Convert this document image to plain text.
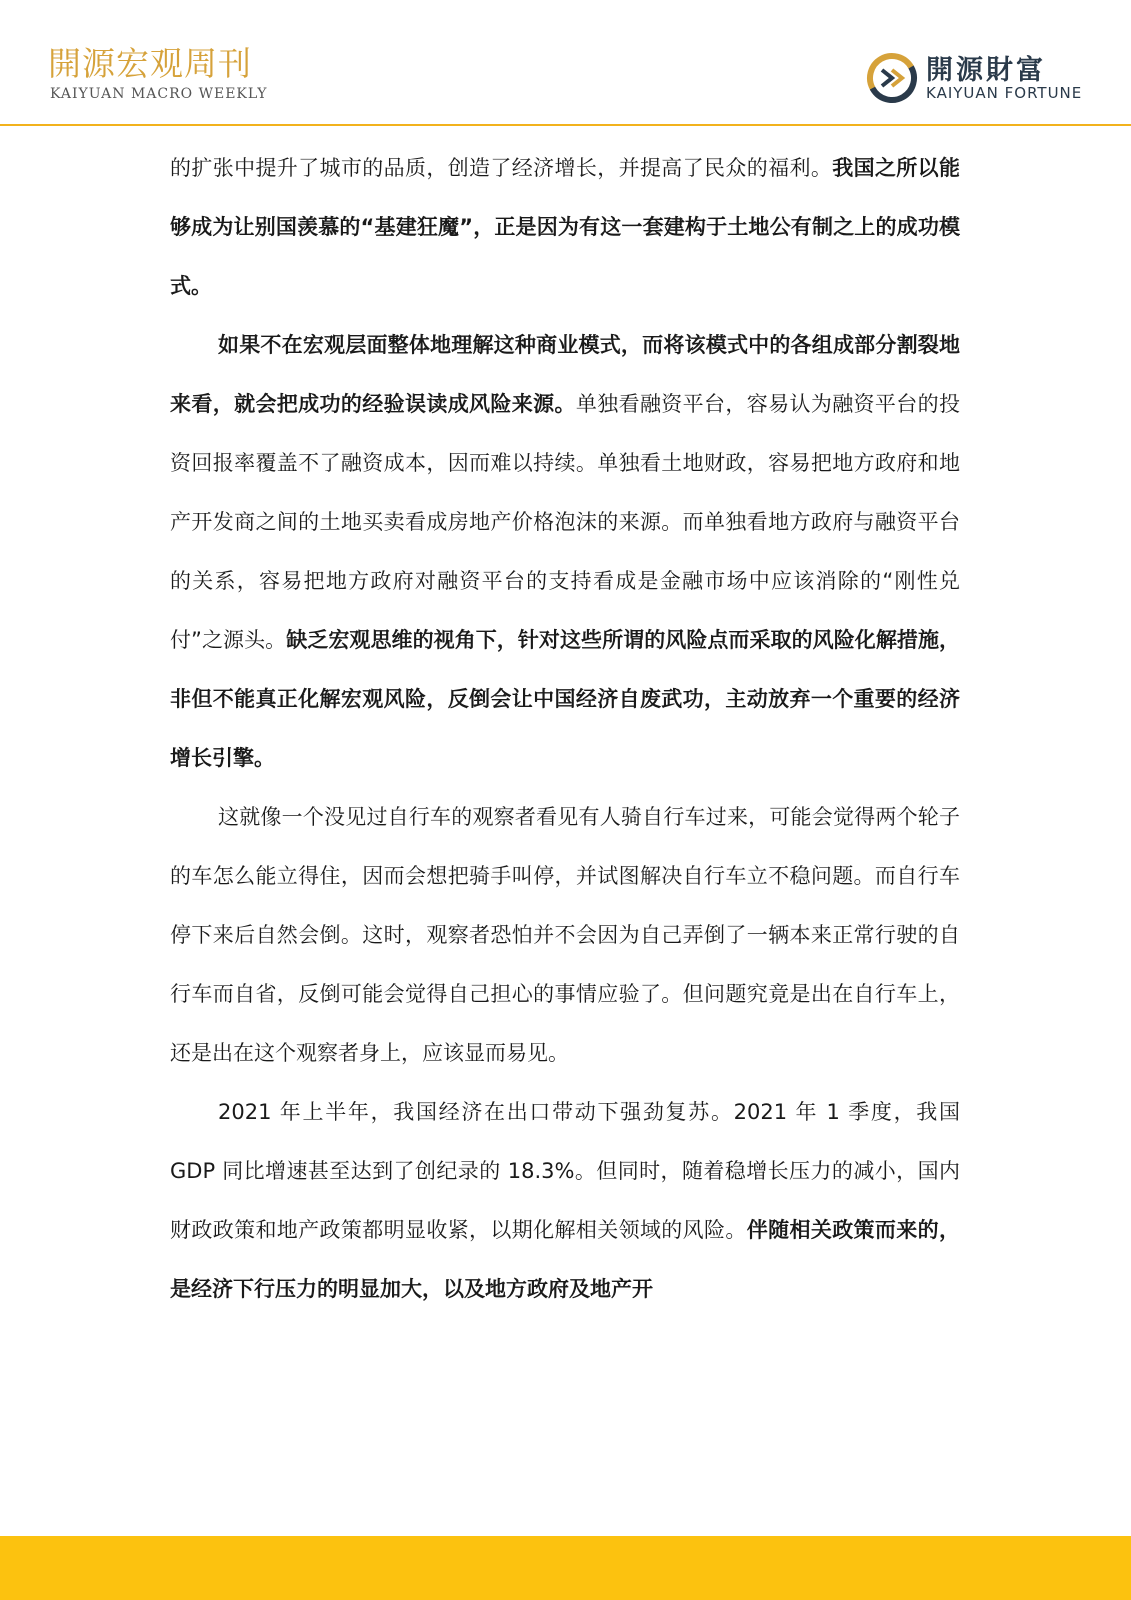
開源宏观周刊
KAIYUAN MACRO WEEKLY
開源財富
KAIYUAN FORTUNE

的扩张中提升了城市的品质，创造了经济增长，并提高了民众的福利。我国之所以能够成为让别国羡慕的“基建狂魔”，正是因为有这一套建构于土地公有制之上的成功模式。

如果不在宏观层面整体地理解这种商业模式，而将该模式中的各组成部分割裂地来看，就会把成功的经验误读成风险来源。单独看融资平台，容易认为融资平台的投资回报率覆盖不了融资成本，因而难以持续。单独看土地财政，容易把地方政府和地产开发商之间的土地买卖看成房地产价格泡沫的来源。而单独看地方政府与融资平台的关系，容易把地方政府对融资平台的支持看成是金融市场中应该消除的“刚性兑付”之源头。缺乏宏观思维的视角下，针对这些所谓的风险点而采取的风险化解措施，非但不能真正化解宏观风险，反倒会让中国经济自废武功，主动放弃一个重要的经济增长引擎。

这就像一个没见过自行车的观察者看见有人骑自行车过来，可能会觉得两个轮子的车怎么能立得住，因而会想把骑手叫停，并试图解决自行车立不稳问题。而自行车停下来后自然会倒。这时，观察者恐怕并不会因为自己弄倒了一辆本来正常行驶的自行车而自省，反倒可能会觉得自己担心的事情应验了。但问题究竟是出在自行车上，还是出在这个观察者身上，应该显而易见。

2021 年上半年，我国经济在出口带动下强劲复苏。2021 年 1 季度，我国 GDP 同比增速甚至达到了创纪录的 18.3%。但同时，随着稳增长压力的减小，国内财政政策和地产政策都明显收紧，以期化解相关领域的风险。伴随相关政策而来的，是经济下行压力的明显加大，以及地方政府及地产开
